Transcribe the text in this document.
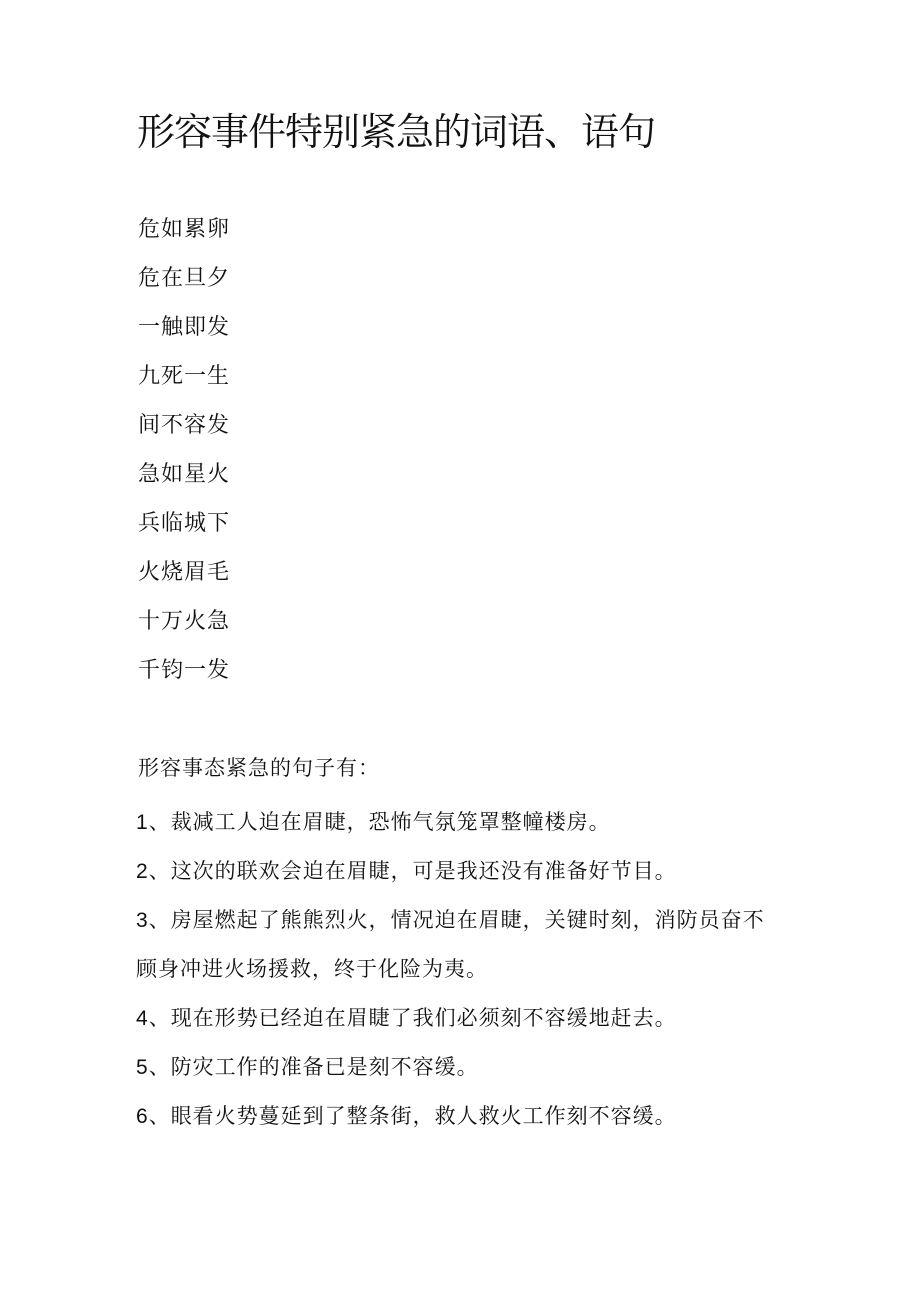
形容事件特别紧急的词语、语句
危如累卵
危在旦夕
一触即发
九死一生
间不容发
急如星火
兵临城下
火烧眉毛
十万火急
千钧一发
形容事态紧急的句子有：
1、裁减工人迫在眉睫，恐怖气氛笼罩整幢楼房。
2、这次的联欢会迫在眉睫，可是我还没有准备好节目。
3、房屋燃起了熊熊烈火，情况迫在眉睫，关键时刻，消防员奋不顾身冲进火场援救，终于化险为夷。
4、现在形势已经迫在眉睫了我们必须刻不容缓地赶去。
5、防灾工作的准备已是刻不容缓。
6、眼看火势蔓延到了整条街，救人救火工作刻不容缓。
